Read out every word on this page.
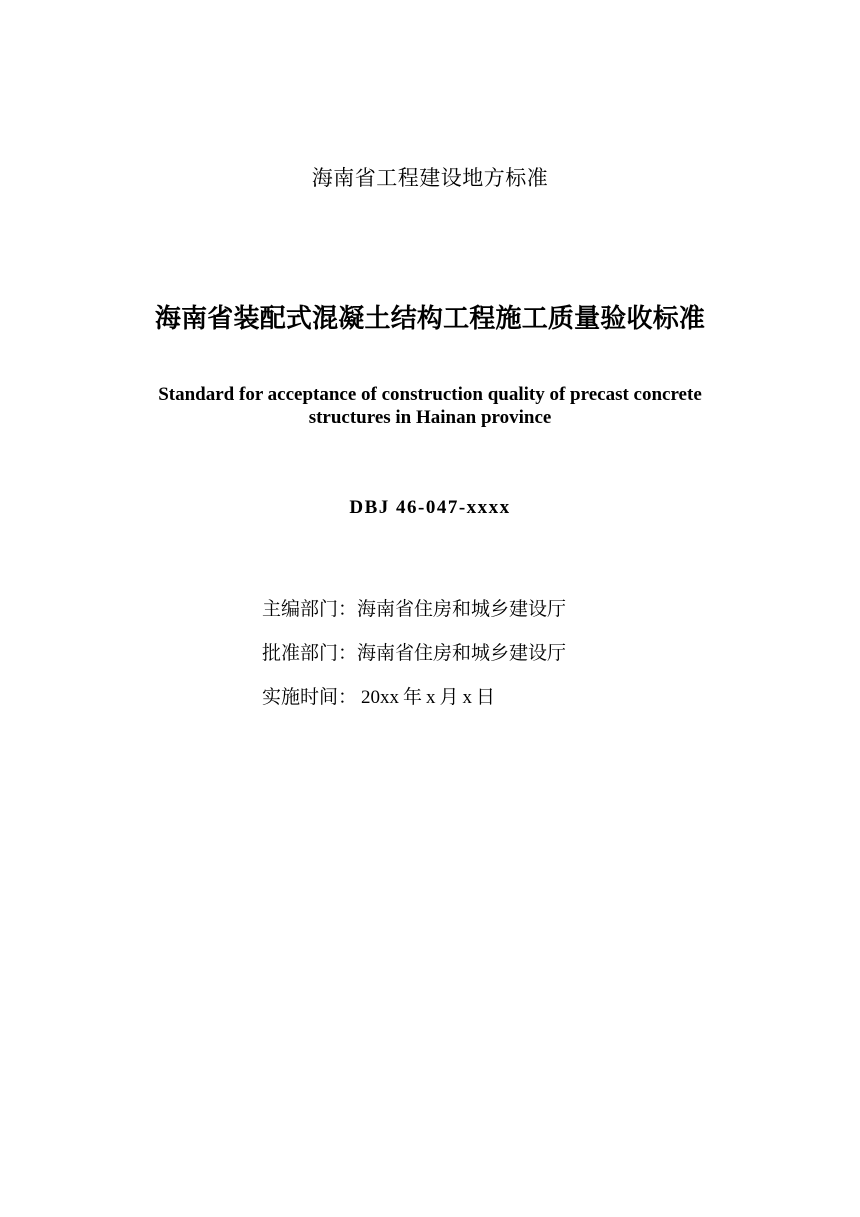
海南省工程建设地方标准
海南省装配式混凝土结构工程施工质量验收标准
Standard for acceptance of construction quality of precast concrete
structures in Hainan province
DBJ 46-047-xxxx
主编部门：海南省住房和城乡建设厅
批准部门：海南省住房和城乡建设厅
实施时间： 20xx 年 x 月 x 日
